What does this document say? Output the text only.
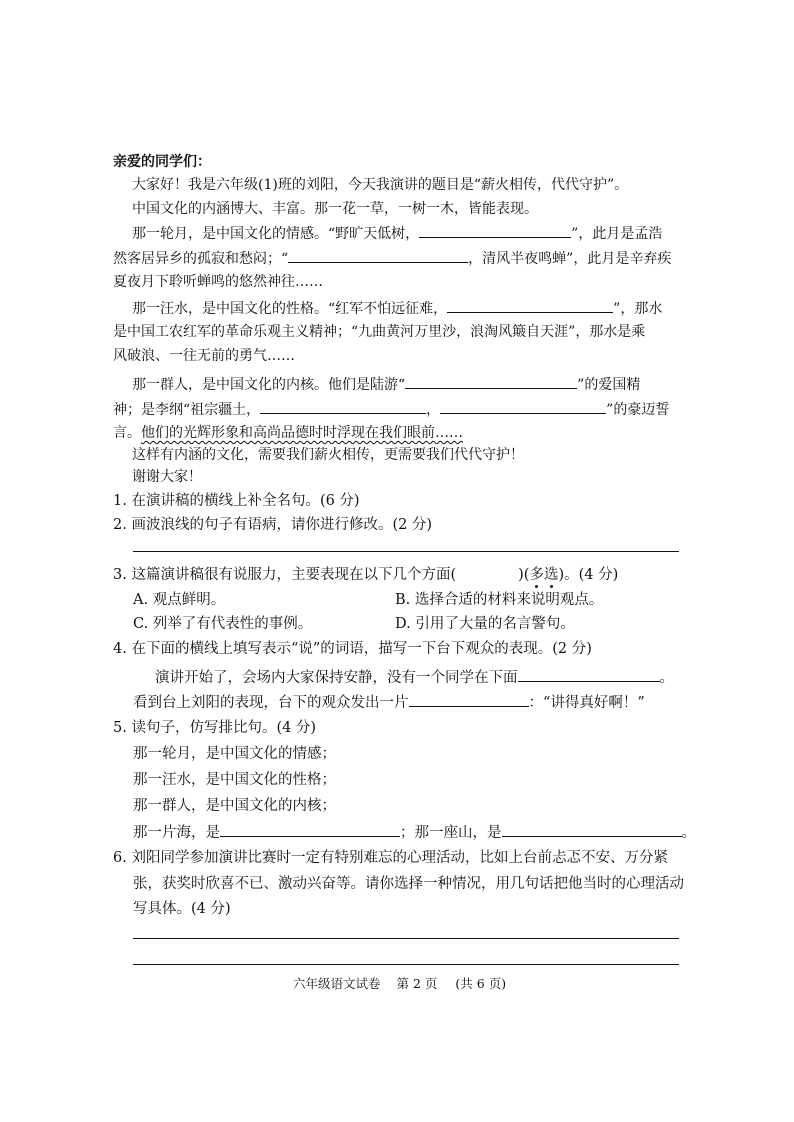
亲爱的同学们：
大家好！我是六年级(1)班的刘阳，今天我演讲的题目是“薪火相传，代代守护”。
中国文化的内涵博大、丰富。那一花一草，一树一木，皆能表现。
那一轮月，是中国文化的情感。“野旷天低树，	”，此月是孟浩
然客居异乡的孤寂和愁闷；“	，清风半夜鸣蝉”，此月是辛弃疾
夏夜月下聆听蝉鸣的悠然神往……
那一汪水，是中国文化的性格。“红军不怕远征难，	”，那水
是中国工农红军的革命乐观主义精神；“九曲黄河万里沙，浪淘风簸自天涯”，那水是乘
风破浪、一往无前的勇气……
那一群人，是中国文化的内核。他们是陆游“	”的爱国精
神；是李纲“祖宗疆土，	，	”的豪迈誓
言。他们的光辉形象和高尚品德时时浮现在我们眼前……
这样有内涵的文化，需要我们薪火相传，更需要我们代代守护！
谢谢大家！
1. 在演讲稿的横线上补全名句。(6 分)
2. 画波浪线的句子有语病，请你进行修改。(2 分)
3. 这篇演讲稿很有说服力，主要表现在以下几个方面(	)(多选)。(4 分)
A. 观点鲜明。	B. 选择合适的材料来说明观点。
C. 列举了有代表性的事例。	D. 引用了大量的名言警句。
4. 在下面的横线上填写表示“说”的词语，描写一下台下观众的表现。(2 分)
演讲开始了，会场内大家保持安静，没有一个同学在下面	。
看到台上刘阳的表现，台下的观众发出一片	：“讲得真好啊！”
5. 读句子，仿写排比句。(4 分)
那一轮月，是中国文化的情感；
那一汪水，是中国文化的性格；
那一群人，是中国文化的内核；
那一片海，是	；那一座山，是	。
6. 刘阳同学参加演讲比赛时一定有特别难忘的心理活动，比如上台前忐忑不安、万分紧
张，获奖时欣喜不已、激动兴奋等。请你选择一种情况，用几句话把他当时的心理活动
写具体。(4 分)
六年级语文试卷 第 2 页 (共 6 页)
